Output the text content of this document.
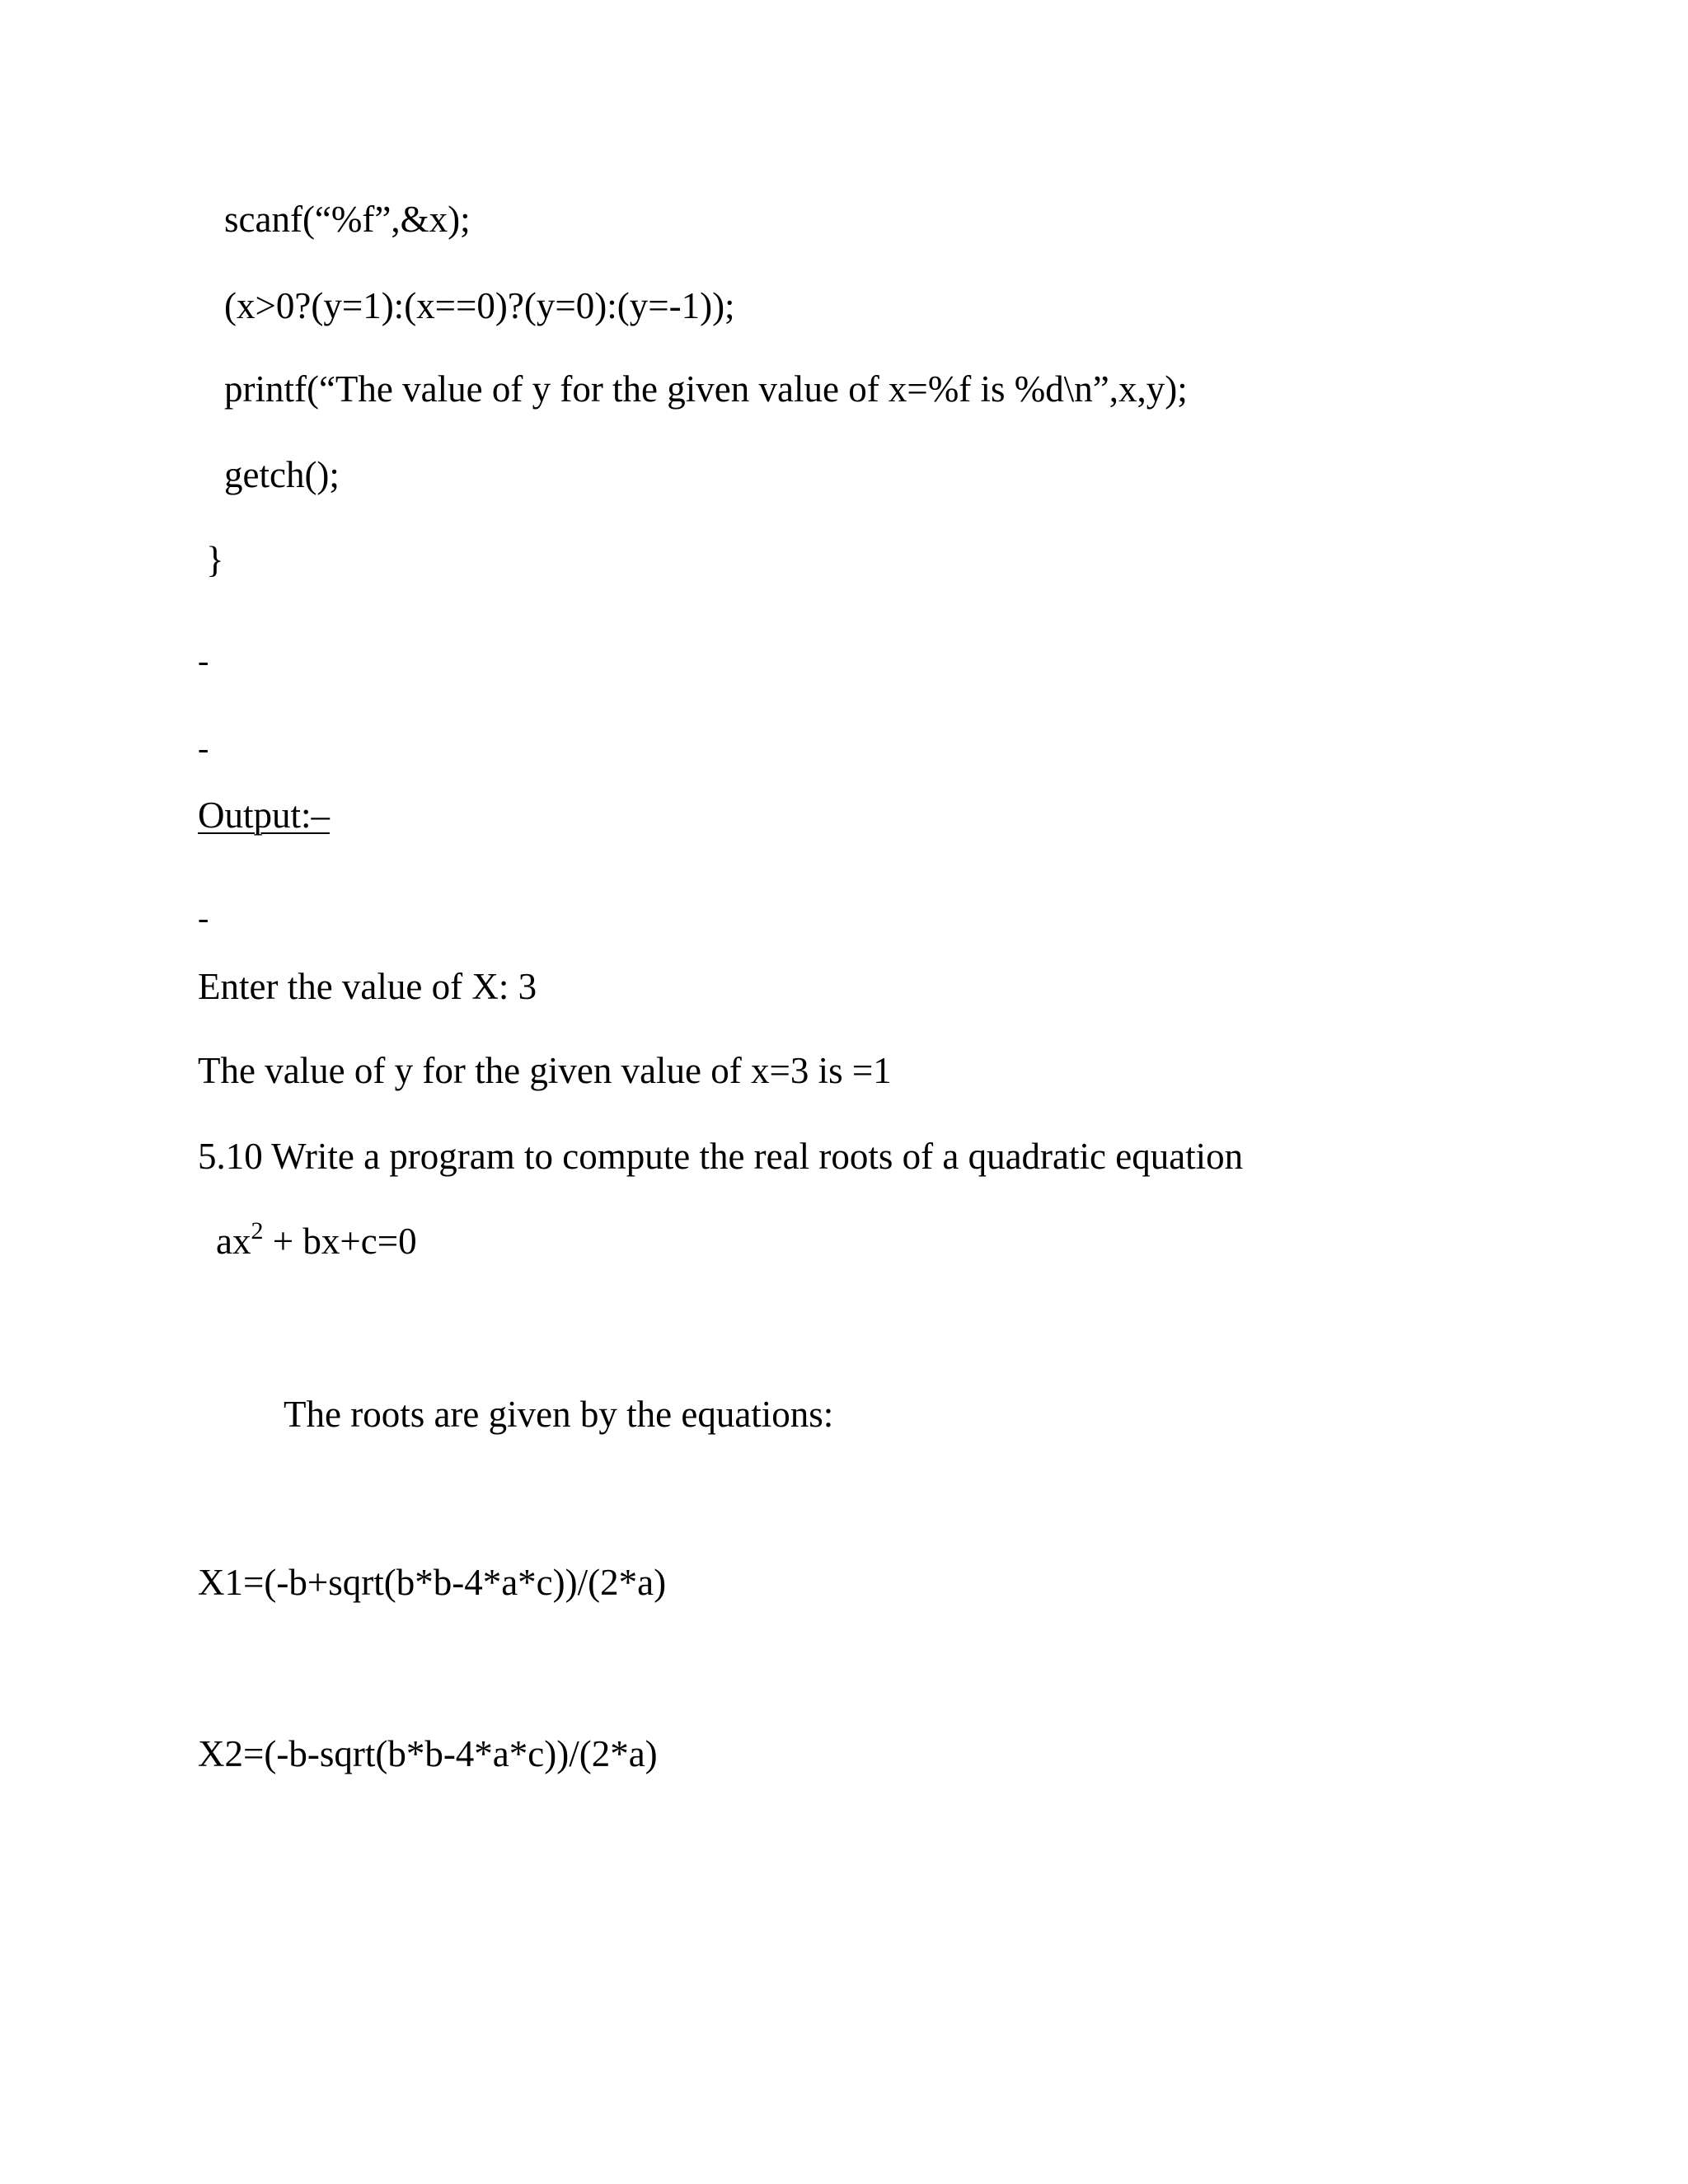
scanf(“%f”,&x);
(x>0?(y=1):(x==0)?(y=0):(y=-1));
printf(“The value of y for the given value of x=%f is %d\n”,x,y);
getch();
}
-
-
Output:–
-
Enter the value of X: 3
The value of y for the given value of x=3 is =1
5.10 Write a program to compute the real roots of a quadratic equation
$ax^2 + bx+c=0$
The roots are given by the equations:
X1=(-b+sqrt(b*b-4*a*c))/(2*a)
X2=(-b-sqrt(b*b-4*a*c))/(2*a)
